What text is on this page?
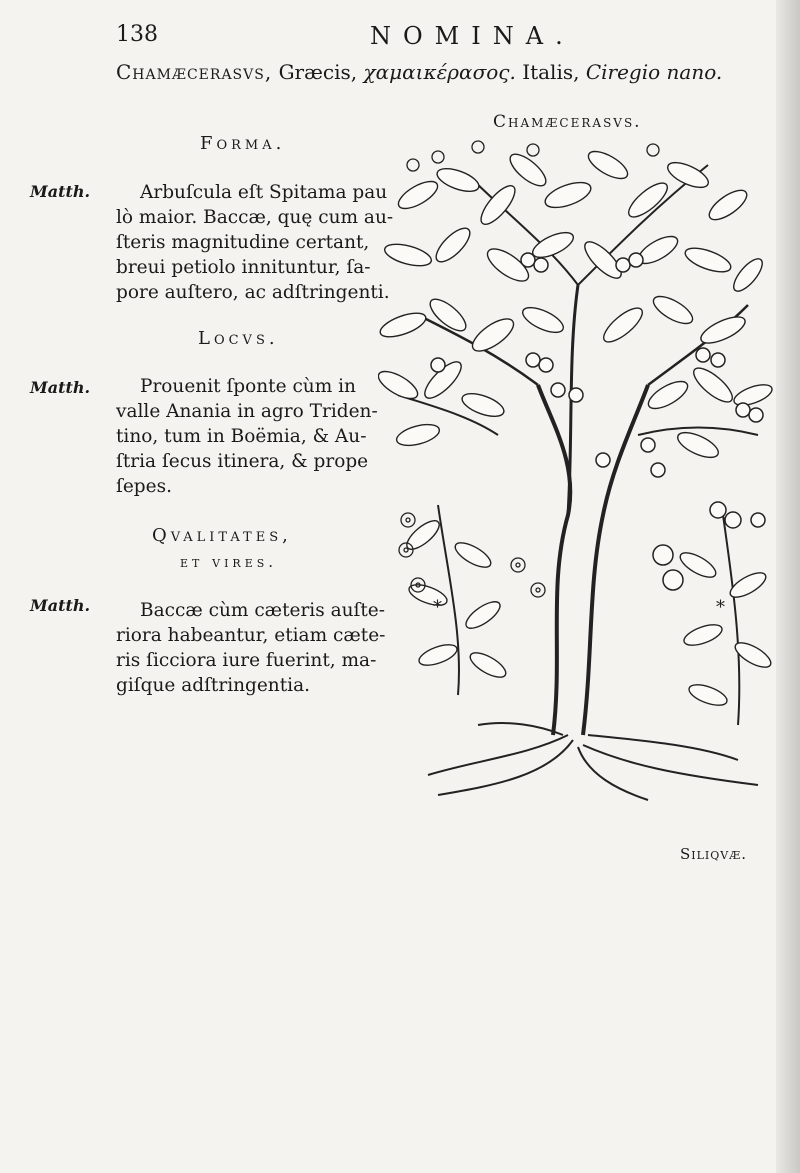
138	NOMINA.
Chamæcerasvs, Græcis, χαμαικέρασος. Italis, Ciregio nano.
Chamæcerasvs.
Forma.
Matth.	Arbuſcula eſt Spitama pau
lò maior. Baccæ, quę cum au-
ſteris magnitudine certant,
breui petiolo innituntur, ſa-
pore auſtero, ac adſtringenti.
Locvs.
Matth.	Prouenit ſponte cùm in
valle Anania in agro Triden-
tino, tum in Boëmia, & Au-
ſtria ſecus itinera, & prope
ſepes.
Qvalitates,
et vires.
Matth.	Baccæ cùm cæteris auſte-
riora habeantur, etiam cæte-
ris ſicciora iure fuerint, ma-
giſque adſtringentia.
*	*
Siliqvæ.
